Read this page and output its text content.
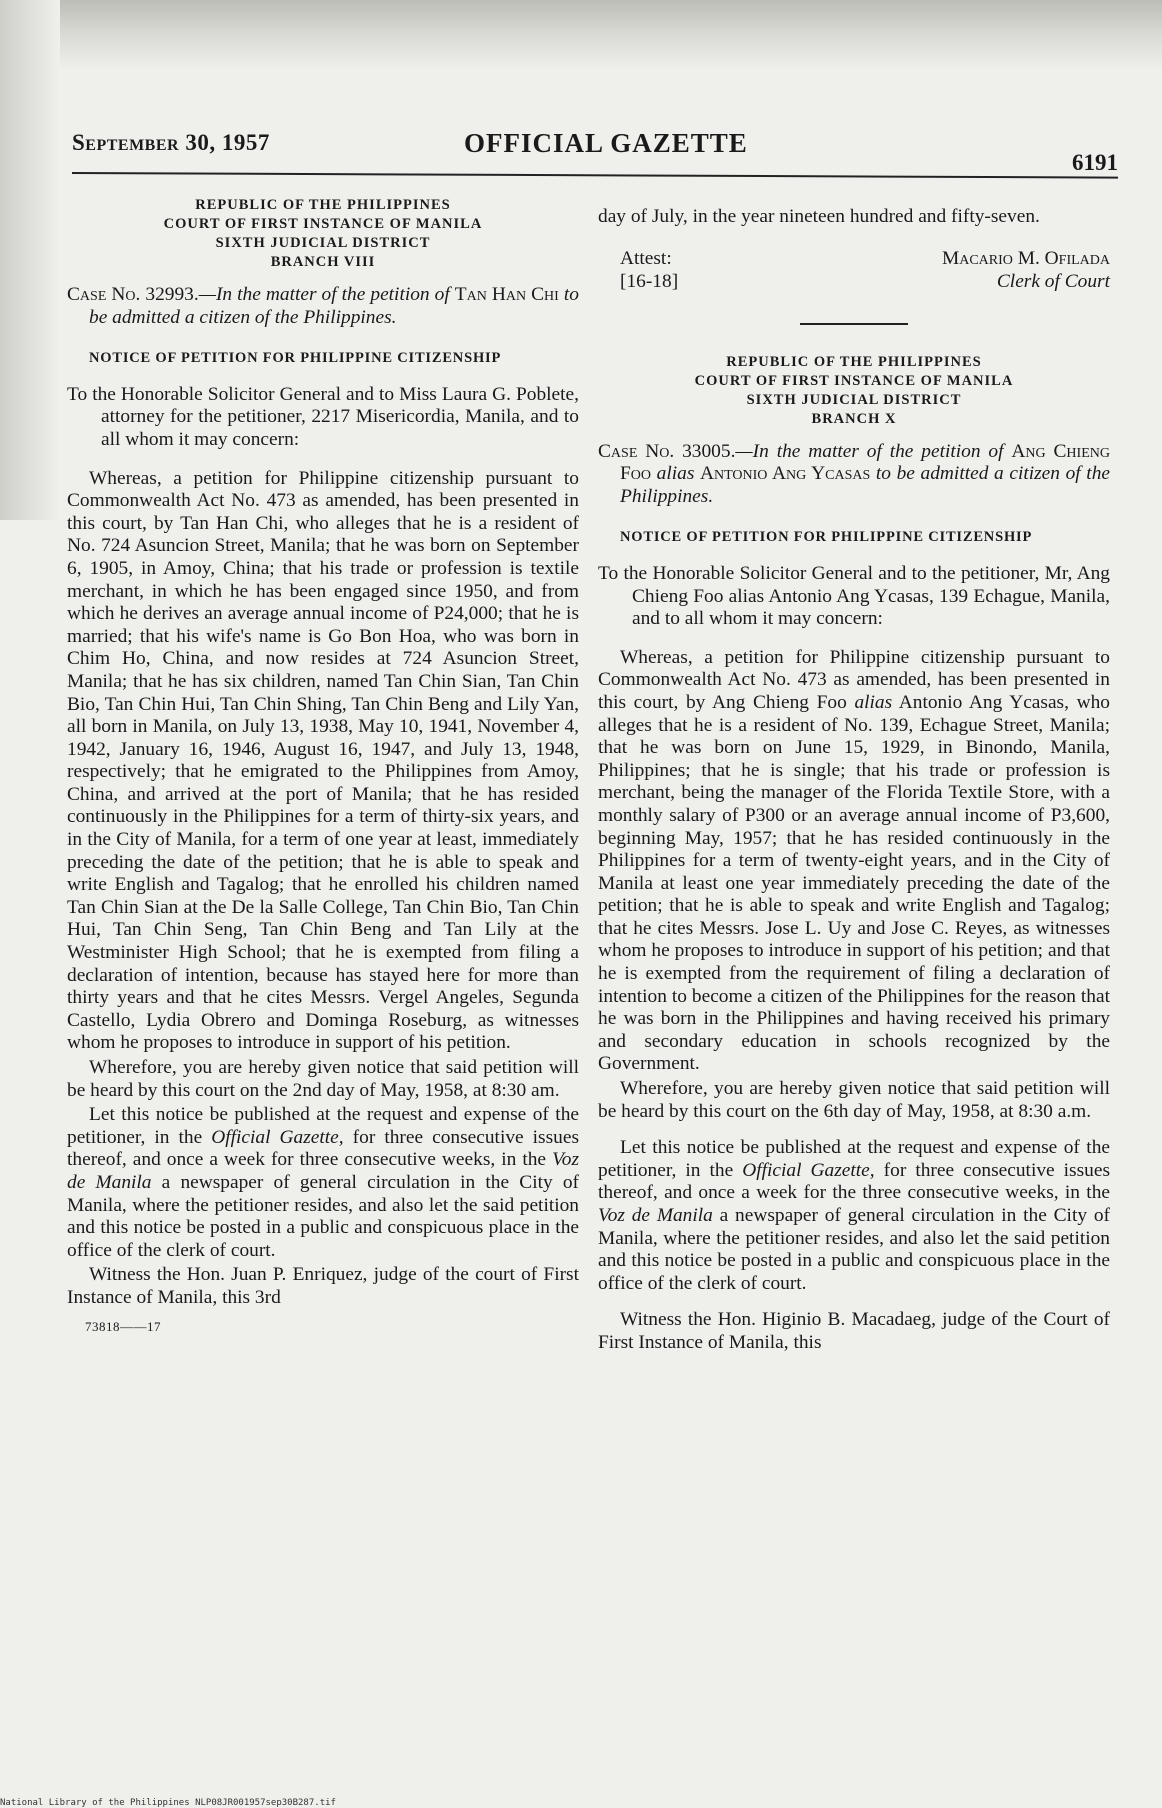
September 30, 1957	OFFICIAL GAZETTE
6191
REPUBLIC OF THE PHILIPPINES
COURT OF FIRST INSTANCE OF MANILA
SIXTH JUDICIAL DISTRICT
BRANCH VIII

Case No. 32993.—In the matter of the petition of Tan Han Chi to be admitted a citizen of the Philippines.

NOTICE OF PETITION FOR PHILIPPINE CITIZENSHIP

To the Honorable Solicitor General and to Miss Laura G. Poblete, attorney for the petitioner, 2217 Misericordia, Manila, and to all whom it may concern:

Whereas, a petition for Philippine citizenship pursuant to Commonwealth Act No. 473 as amended, has been presented in this court, by Tan Han Chi, who alleges that he is a resident of No. 724 Asuncion Street, Manila; that he was born on September 6, 1905, in Amoy, China; that his trade or profession is textile merchant, in which he has been engaged since 1950, and from which he derives an average annual income of P24,000; that he is married; that his wife's name is Go Bon Hoa, who was born in Chim Ho, China, and now resides at 724 Asuncion Street, Manila; that he has six children, named Tan Chin Sian, Tan Chin Bio, Tan Chin Hui, Tan Chin Shing, Tan Chin Beng and Lily Yan, all born in Manila, on July 13, 1938, May 10, 1941, November 4, 1942, January 16, 1946, August 16, 1947, and July 13, 1948, respectively; that he emigrated to the Philippines from Amoy, China, and arrived at the port of Manila; that he has resided continuously in the Philippines for a term of thirty-six years, and in the City of Manila, for a term of one year at least, immediately preceding the date of the petition; that he is able to speak and write English and Tagalog; that he enrolled his children named Tan Chin Sian at the De la Salle College, Tan Chin Bio, Tan Chin Hui, Tan Chin Seng, Tan Chin Beng and Tan Lily at the Westminister High School; that he is exempted from filing a declaration of intention, because has stayed here for more than thirty years and that he cites Messrs. Vergel Angeles, Segunda Castello, Lydia Obrero and Dominga Roseburg, as witnesses whom he proposes to introduce in support of his petition.

Wherefore, you are hereby given notice that said petition will be heard by this court on the 2nd day of May, 1958, at 8:30 am.

Let this notice be published at the request and expense of the petitioner, in the Official Gazette, for three consecutive issues thereof, and once a week for three consecutive weeks, in the Voz de Manila a newspaper of general circulation in the City of Manila, where the petitioner resides, and also let the said petition and this notice be posted in a public and conspicuous place in the office of the clerk of court.

Witness the Hon. Juan P. Enriquez, judge of the court of First Instance of Manila, this 3rd

73818——17

day of July, in the year nineteen hundred and fifty-seven.

Attest:
[16-18]
Macario M. Ofilada
Clerk of Court
REPUBLIC OF THE PHILIPPINES
COURT OF FIRST INSTANCE OF MANILA
SIXTH JUDICIAL DISTRICT
BRANCH X

Case No. 33005.—In the matter of the petition of Ang Chieng Foo alias Antonio Ang Ycasas to be admitted a citizen of the Philippines.

NOTICE OF PETITION FOR PHILIPPINE CITIZENSHIP

To the Honorable Solicitor General and to the petitioner, Mr, Ang Chieng Foo alias Antonio Ang Ycasas, 139 Echague, Manila, and to all whom it may concern:

Whereas, a petition for Philippine citizenship pursuant to Commonwealth Act No. 473 as amended, has been presented in this court, by Ang Chieng Foo alias Antonio Ang Ycasas, who alleges that he is a resident of No. 139, Echague Street, Manila; that he was born on June 15, 1929, in Binondo, Manila, Philippines; that he is single; that his trade or profession is merchant, being the manager of the Florida Textile Store, with a monthly salary of P300 or an average annual income of P3,600, beginning May, 1957; that he has resided continuously in the Philippines for a term of twenty-eight years, and in the City of Manila at least one year immediately preceding the date of the petition; that he is able to speak and write English and Tagalog; that he cites Messrs. Jose L. Uy and Jose C. Reyes, as witnesses whom he proposes to introduce in support of his petition; and that he is exempted from the requirement of filing a declaration of intention to become a citizen of the Philippines for the reason that he was born in the Philippines and having received his primary and secondary education in schools recognized by the Government.

Wherefore, you are hereby given notice that said petition will be heard by this court on the 6th day of May, 1958, at 8:30 a.m.

Let this notice be published at the request and expense of the petitioner, in the Official Gazette, for three consecutive issues thereof, and once a week for the three consecutive weeks, in the Voz de Manila a newspaper of general circulation in the City of Manila, where the petitioner resides, and also let the said petition and this notice be posted in a public and conspicuous place in the office of the clerk of court.

Witness the Hon. Higinio B. Macadaeg, judge of the Court of First Instance of Manila, this

National Library of the Philippines NLP08JR001957sep30B287.tif
